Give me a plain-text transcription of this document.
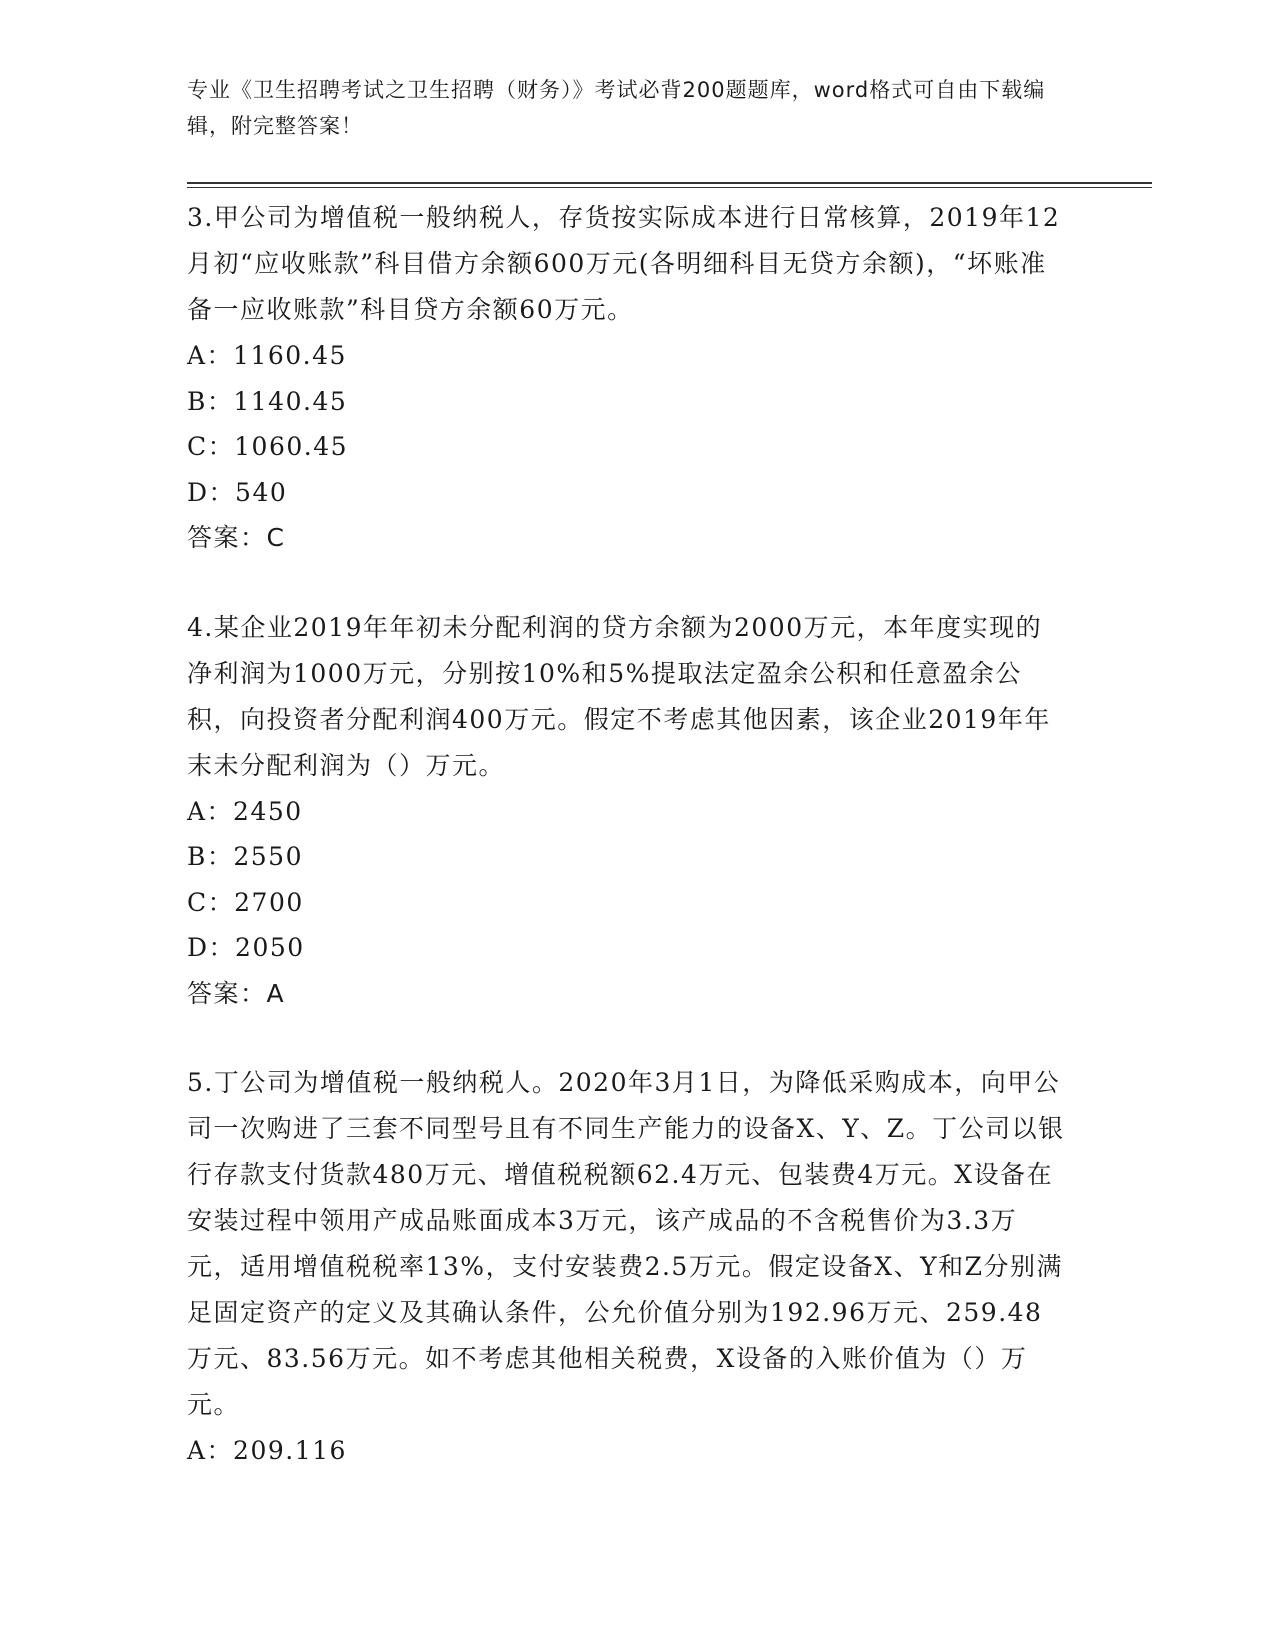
专业《卫生招聘考试之卫生招聘（财务）》考试必背200题题库，word格式可自由下载编辑，附完整答案！

3.甲公司为增值税一般纳税人，存货按实际成本进行日常核算，2019年12月初“应收账款”科目借方余额600万元(各明细科目无贷方余额)，“坏账准备一应收账款”科目贷方余额60万元。

A：1160.45

B：1140.45

C：1060.45

D：540

答案：C

4.某企业2019年年初未分配利润的贷方余额为2000万元，本年度实现的净利润为1000万元，分别按10%和5%提取法定盈余公积和任意盈余公积，向投资者分配利润400万元。假定不考虑其他因素，该企业2019年年末未分配利润为（）万元。

A：2450

B：2550

C：2700

D：2050

答案：A

5.丁公司为增值税一般纳税人。2020年3月1日，为降低采购成本，向甲公司一次购进了三套不同型号且有不同生产能力的设备X、Y、Z。丁公司以银行存款支付货款480万元、增值税税额62.4万元、包装费4万元。X设备在安装过程中领用产成品账面成本3万元，该产成品的不含税售价为3.3万元，适用增值税税率13%，支付安装费2.5万元。假定设备X、Y和Z分别满足固定资产的定义及其确认条件，公允价值分别为192.96万元、259.48万元、83.56万元。如不考虑其他相关税费，X设备的入账价值为（）万元。

A：209.116
